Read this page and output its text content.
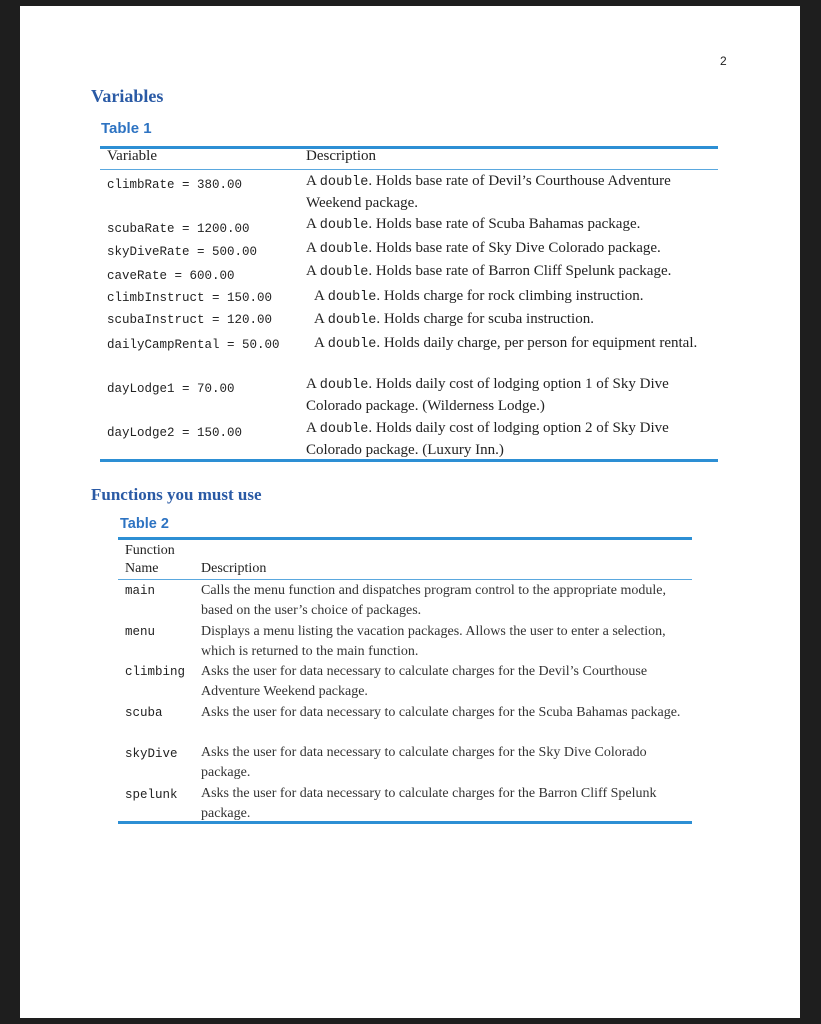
2
Variables
Table 1
Variable	Description
climbRate = 380.00	A double. Holds base rate of Devil’s Courthouse Adventure Weekend package.
scubaRate = 1200.00	A double. Holds base rate of Scuba Bahamas package.
skyDiveRate = 500.00	A double. Holds base rate of Sky Dive Colorado package.
caveRate = 600.00	A double. Holds base rate of Barron Cliff Spelunk package.
climbInstruct = 150.00	A double. Holds charge for rock climbing instruction.
scubaInstruct = 120.00	A double. Holds charge for scuba instruction.
dailyCampRental = 50.00 A double. Holds daily charge, per person for equipment rental.
dayLodge1 = 70.00	A double. Holds daily cost of lodging option 1 of Sky Dive Colorado package. (Wilderness Lodge.)
dayLodge2 = 150.00	A double. Holds daily cost of lodging option 2 of Sky Dive Colorado package. (Luxury Inn.)
Functions you must use
Table 2
Function
Name	Description
main	Calls the menu function and dispatches program control to the appropriate module, based on the user’s choice of packages.
menu	Displays a menu listing the vacation packages. Allows the user to enter a selection, which is returned to the main function.
climbing Asks the user for data necessary to calculate charges for the Devil’s Courthouse Adventure Weekend package.
scuba	Asks the user for data necessary to calculate charges for the Scuba Bahamas package.
skyDive Asks the user for data necessary to calculate charges for the Sky Dive Colorado package.
spelunk Asks the user for data necessary to calculate charges for the Barron Cliff Spelunk package.
